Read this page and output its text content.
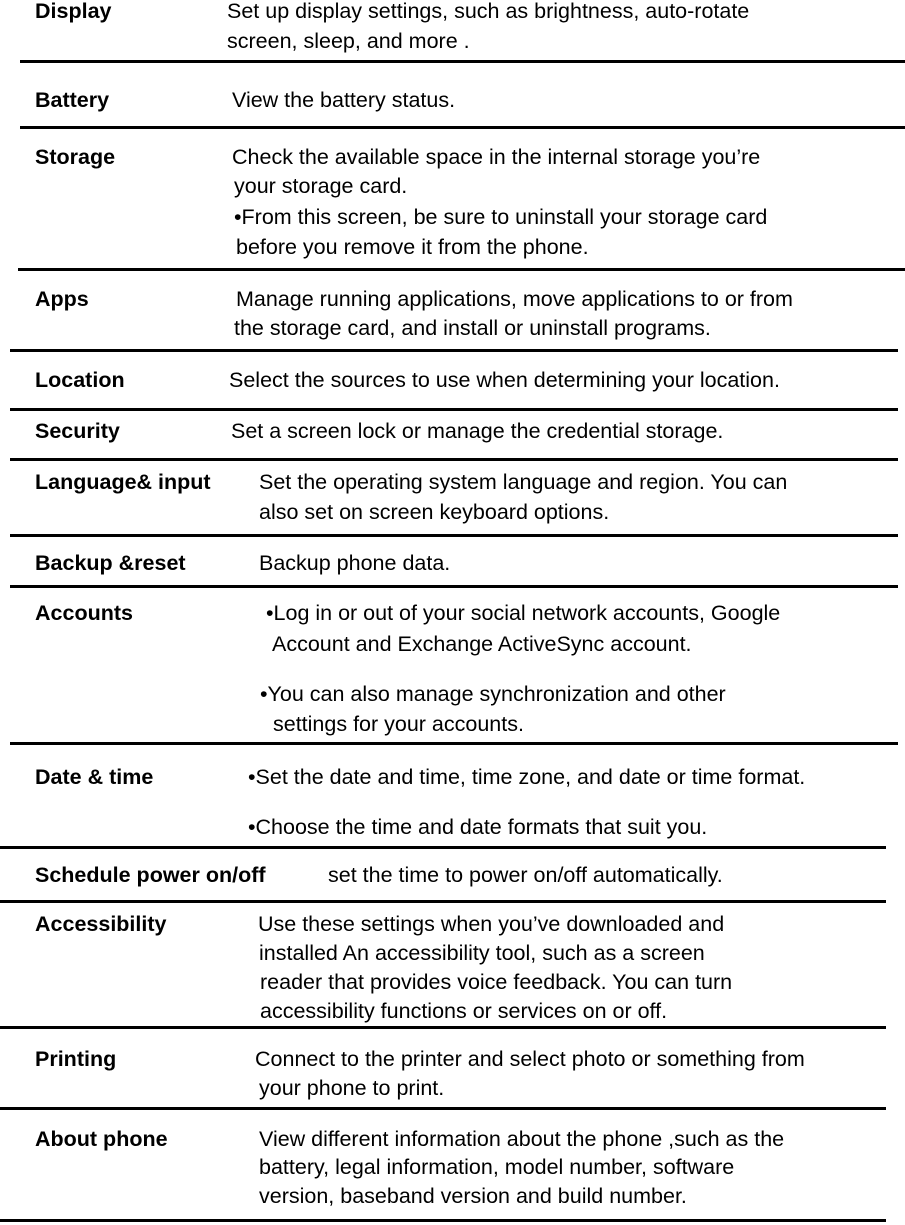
Display	Set up display settings, such as brightness, auto-rotate
screen, sleep, and more .
Battery	View the battery status.
Storage	Check the available space in the internal storage you’re
your storage card.
•From this screen, be sure to uninstall your storage card
before you remove it from the phone.
Apps	Manage running applications, move applications to or from
the storage card, and install or uninstall programs.
Location	Select the sources to use when determining your location.
Security	Set a screen lock or manage the credential storage.
Language& input Set the operating system language and region. You can
also set on screen keyboard options.
Backup &reset	Backup phone data.
Accounts	•Log in or out of your social network accounts, Google
Account and Exchange ActiveSync account.
•You can also manage synchronization and other
settings for your accounts.
Date & time	•Set the date and time, time zone, and date or time format.
•Choose the time and date formats that suit you.
Schedule power on/off	set the time to power on/off automatically.
Accessibility	Use these settings when you’ve downloaded and
installed An accessibility tool, such as a screen
reader that provides voice feedback. You can turn
accessibility functions or services on or off.
Printing	Connect to the printer and select photo or something from
your phone to print.
About phone	View different information about the phone ,such as the
battery, legal information, model number, software
version, baseband version and build number.
